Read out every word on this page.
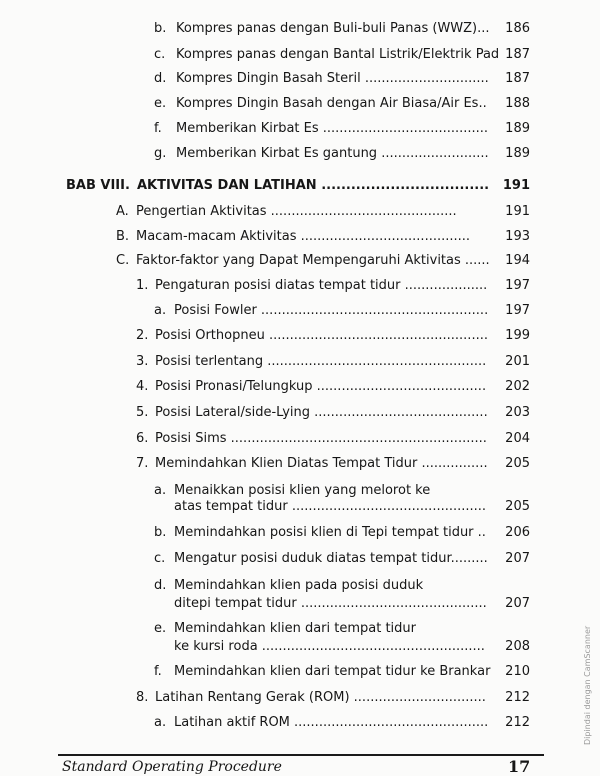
b. Kompres panas dengan Buli-buli Panas (WWZ)...	186
c. Kompres panas dengan Bantal Listrik/Elektrik Pad 187
d. Kompres Dingin Basah Steril ..............................	187
e. Kompres Dingin Basah dengan Air Biasa/Air Es..	188
f. Memberikan Kirbat Es ........................................	189
g. Memberikan Kirbat Es gantung ..........................	189
BAB VIII. AKTIVITAS DAN LATIHAN ..................................	191
A. Pengertian Aktivitas .............................................	191
B. Macam-macam Aktivitas .........................................	193
C. Faktor-faktor yang Dapat Mempengaruhi Aktivitas ......	194
1. Pengaturan posisi diatas tempat tidur ....................	197
a. Posisi Fowler .......................................................	197
2. Posisi Orthopneu .....................................................	199
3. Posisi terlentang .....................................................	201
4. Posisi Pronasi/Telungkup .........................................	202
5. Posisi Lateral/side-Lying ..........................................	203
6. Posisi Sims ..............................................................	204
7. Memindahkan Klien Diatas Tempat Tidur ................	205
a. Menaikkan posisi klien yang melorot ke
atas tempat tidur ...............................................	205
b. Memindahkan posisi klien di Tepi tempat tidur ..	206
c. Mengatur posisi duduk diatas tempat tidur.........	207
d. Memindahkan klien pada posisi duduk
ditepi tempat tidur .............................................	207
e. Memindahkan klien dari tempat tidur
ke kursi roda ......................................................	208
f. Memindahkan klien dari tempat tidur ke Brankar	210
8. Latihan Rentang Gerak (ROM) ................................	212
a. Latihan aktif ROM ...............................................	212
Standard Operating Procedure	17
Dipindai dengan CamScanner
